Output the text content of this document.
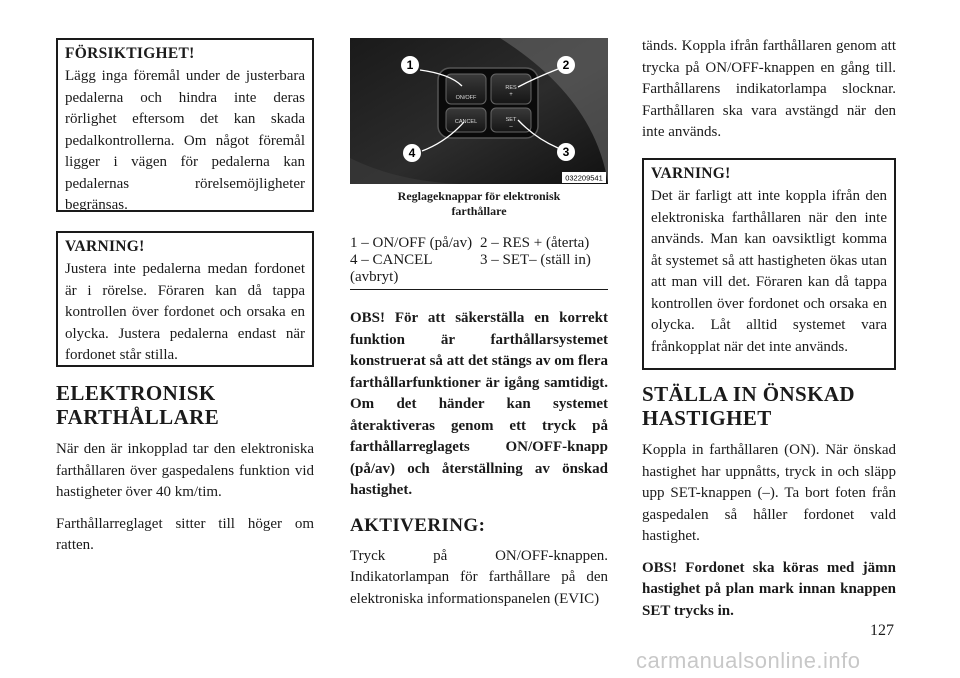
FÖRSIKTIGHET!
Lägg inga föremål under de justerbara pedalerna och hindra inte deras rörlighet eftersom det kan skada pedalkontrollerna. Om något föremål ligger i vägen för pedalerna kan pedalernas rörelsemöjligheter begränsas.
VARNING!
Justera inte pedalerna medan fordonet är i rörelse. Föraren kan då tappa kontrollen över fordonet och orsaka en olycka. Justera pedalerna endast när fordonet står stilla.
ELEKTRONISK
FARTHÅLLARE

När den är inkopplad tar den elektroniska farthållaren över gaspedalens funktion vid hastigheter över 40 km/tim.

Farthållarreglaget sitter till höger om ratten.

ON/OFF
CANCEL
RES
+
SET
–
1	2
3
4
032209541
Reglageknappar för elektronisk farthållare
1 – ON/OFF (på/av)	2 – RES + (återta)
4 – CANCEL (avbryt)	3 – SET– (ställ in)

OBS! För att säkerställa en korrekt funktion är farthållarsystemet konstruerat så att det stängs av om flera farthållarfunktioner är igång samtidigt. Om det händer kan systemet återaktiveras genom ett tryck på farthållarreglagets ON/OFF-knapp (på/av) och återställning av önskad hastighet.

AKTIVERING:

Tryck på ON/OFF-knappen. Indikatorlampan för farthållare på den elektroniska informationspanelen (EVIC)

tänds. Koppla ifrån farthållaren genom att trycka på ON/OFF-knappen en gång till. Farthållarens indikatorlampa slocknar. Farthållaren ska vara avstängd när den inte används.

VARNING!
Det är farligt att inte koppla ifrån den elektroniska farthållaren när den inte används. Man kan oavsiktligt komma åt systemet så att hastigheten ökas utan att man vill det. Föraren kan då tappa kontrollen över fordonet och orsaka en olycka. Låt alltid systemet vara frånkopplat när det inte används.
STÄLLA IN ÖNSKAD
HASTIGHET

Koppla in farthållaren (ON). När önskad hastighet har uppnåtts, tryck in och släpp upp SET-knappen (–). Ta bort foten från gaspedalen så håller fordonet vald hastighet.

OBS! Fordonet ska köras med jämn hastighet på plan mark innan knappen SET trycks in.

127
carmanualsonline.info
